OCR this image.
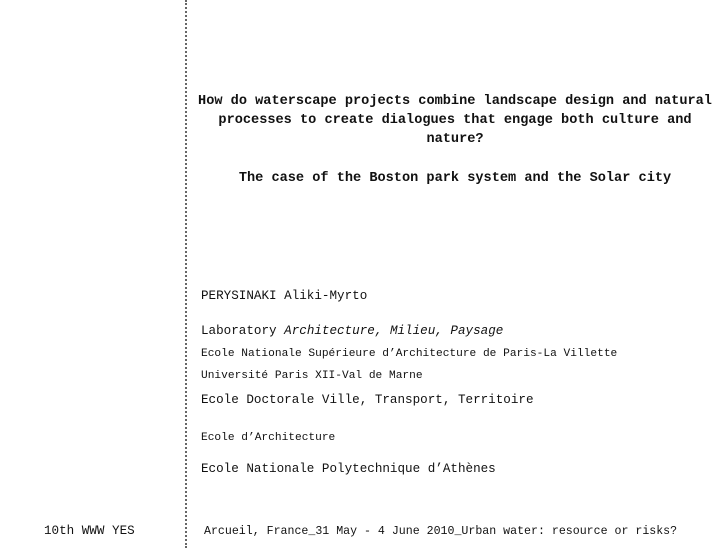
How do waterscape projects combine landscape design and natural processes to create dialogues that engage both culture and nature?
The case of the Boston park system and the Solar city
PERYSINAKI Aliki-Myrto
Laboratory Architecture, Milieu, Paysage
Ecole Nationale Supérieure d’Architecture de Paris-La Villette
Université Paris XII-Val de Marne
Ecole Doctorale Ville, Transport, Territoire
Ecole d’Architecture
Ecole Nationale Polytechnique d’Athènes
10th WWW YES	Arcueil, France_31 May - 4 June 2010_Urban water: resource or risks?
